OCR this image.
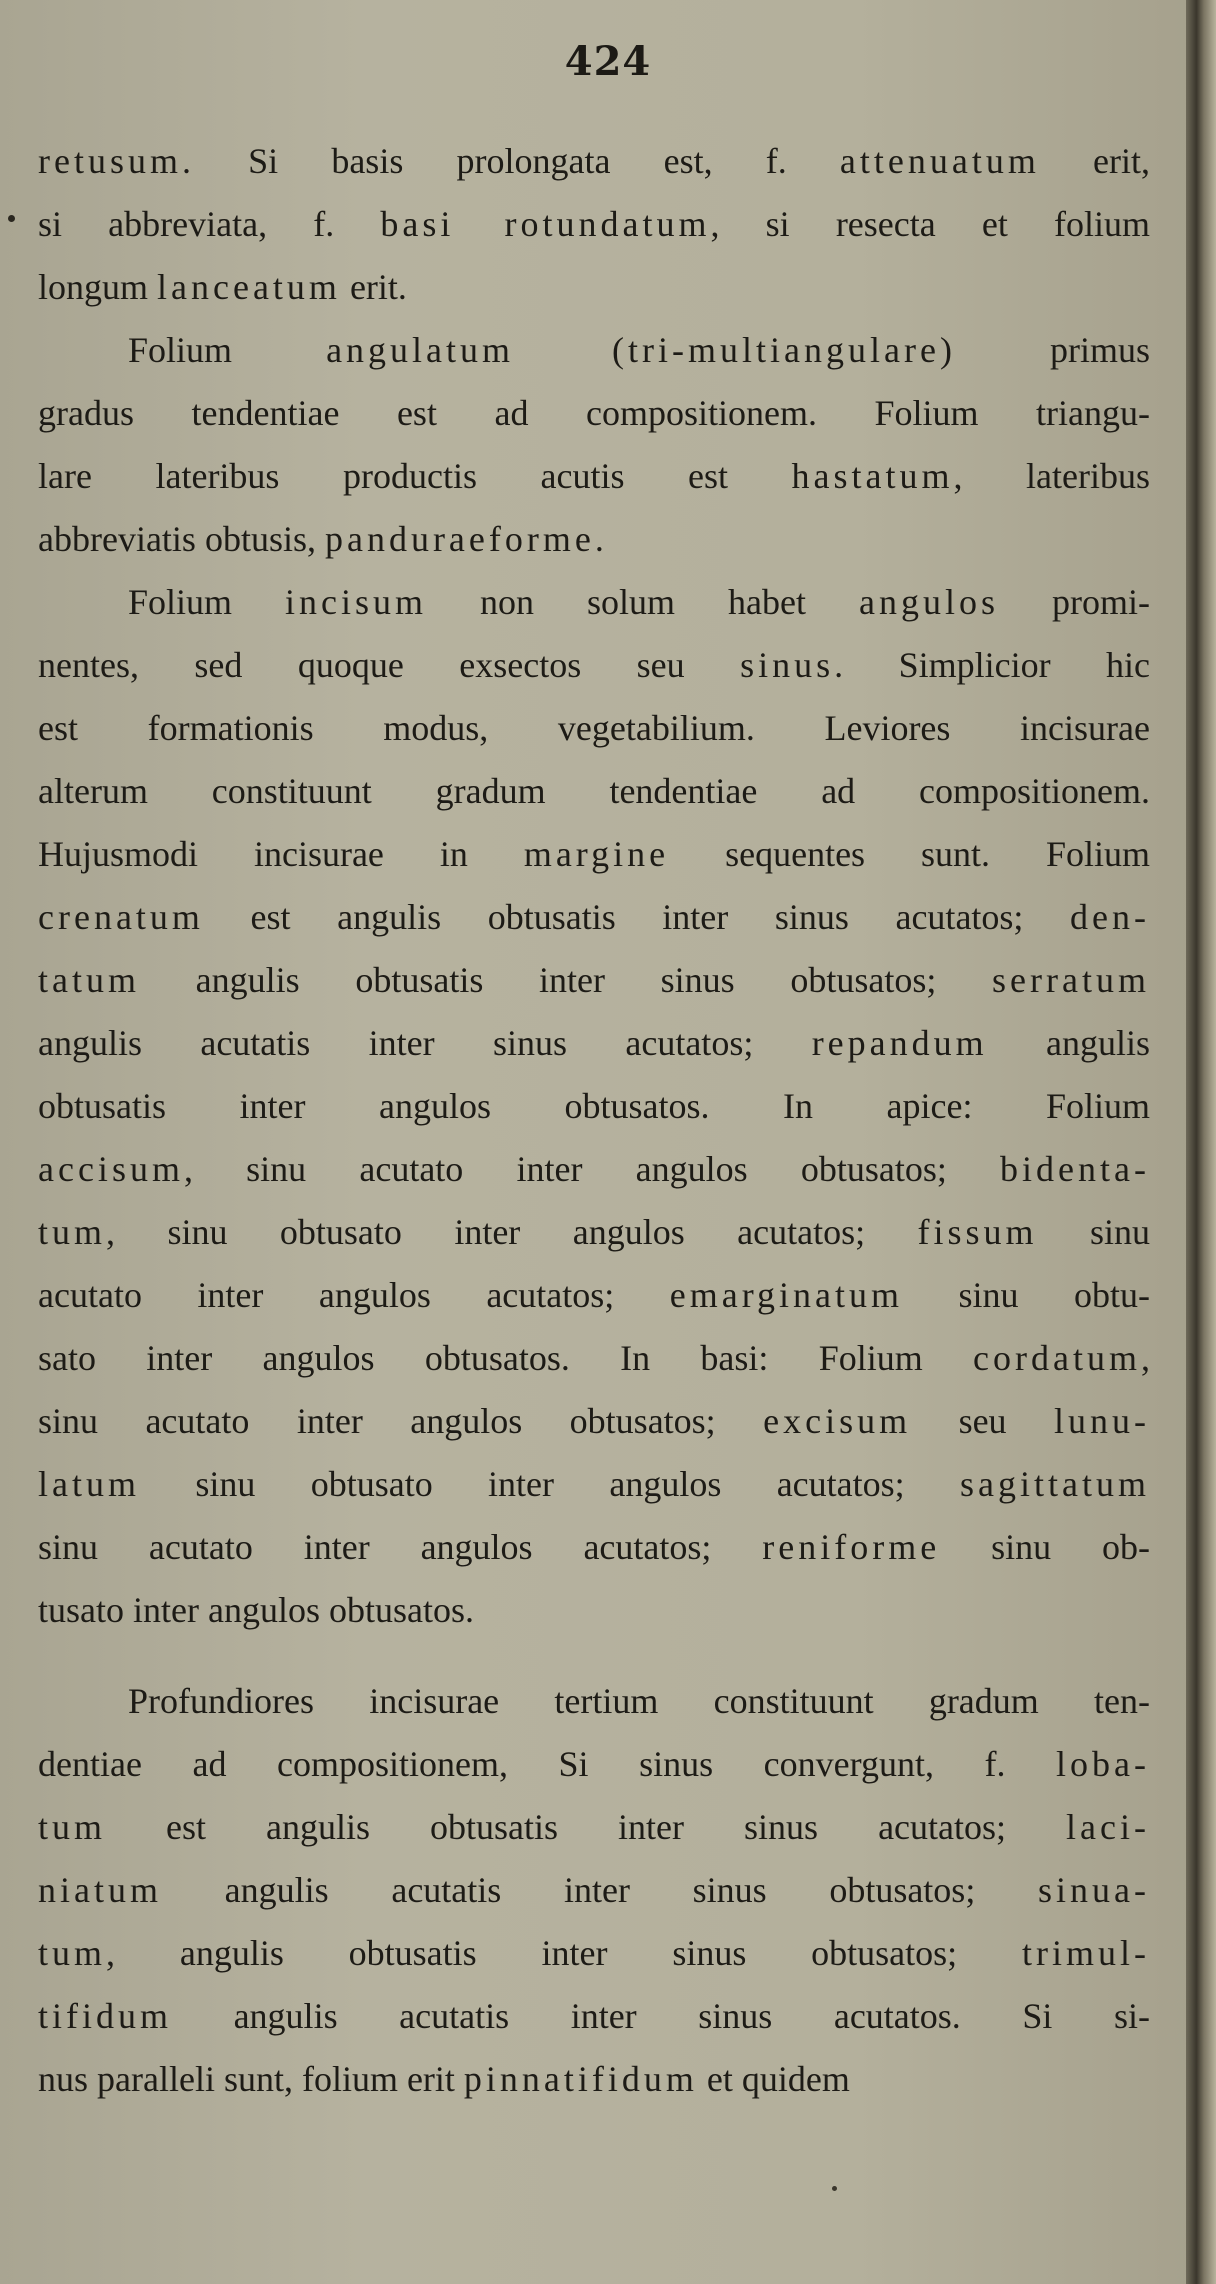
424
retusum. Si basis prolongata est, f. attenuatum erit,
si abbreviata, f. basi rotundatum, si resecta et folium
longum lanceatum erit.
Folium angulatum (tri-multiangulare) primus
gradus tendentiae est ad compositionem. Folium triangu-
lare lateribus productis acutis est hastatum, lateribus
abbreviatis obtusis, panduraeforme.
Folium incisum non solum habet angulos promi-
nentes, sed quoque exsectos seu sinus. Simplicior hic
est formationis modus, vegetabilium. Leviores incisurae
alterum constituunt gradum tendentiae ad compositionem.
Hujusmodi incisurae in margine sequentes sunt. Folium
crenatum est angulis obtusatis inter sinus acutatos; den-
tatum angulis obtusatis inter sinus obtusatos; serratum
angulis acutatis inter sinus acutatos; repandum angulis
obtusatis inter angulos obtusatos. In apice: Folium
accisum, sinu acutato inter angulos obtusatos; bidenta-
tum, sinu obtusato inter angulos acutatos; fissum sinu
acutato inter angulos acutatos; emarginatum sinu obtu-
sato inter angulos obtusatos. In basi: Folium cordatum,
sinu acutato inter angulos obtusatos; excisum seu lunu-
latum sinu obtusato inter angulos acutatos; sagittatum
sinu acutato inter angulos acutatos; reniforme sinu ob-
tusato inter angulos obtusatos.
Profundiores incisurae tertium constituunt gradum ten-
dentiae ad compositionem, Si sinus convergunt, f. loba-
tum est angulis obtusatis inter sinus acutatos; laci-
niatum angulis acutatis inter sinus obtusatos; sinua-
tum, angulis obtusatis inter sinus obtusatos; trimul-
tifidum angulis acutatis inter sinus acutatos. Si si-
nus paralleli sunt, folium erit pinnatifidum et quidem
